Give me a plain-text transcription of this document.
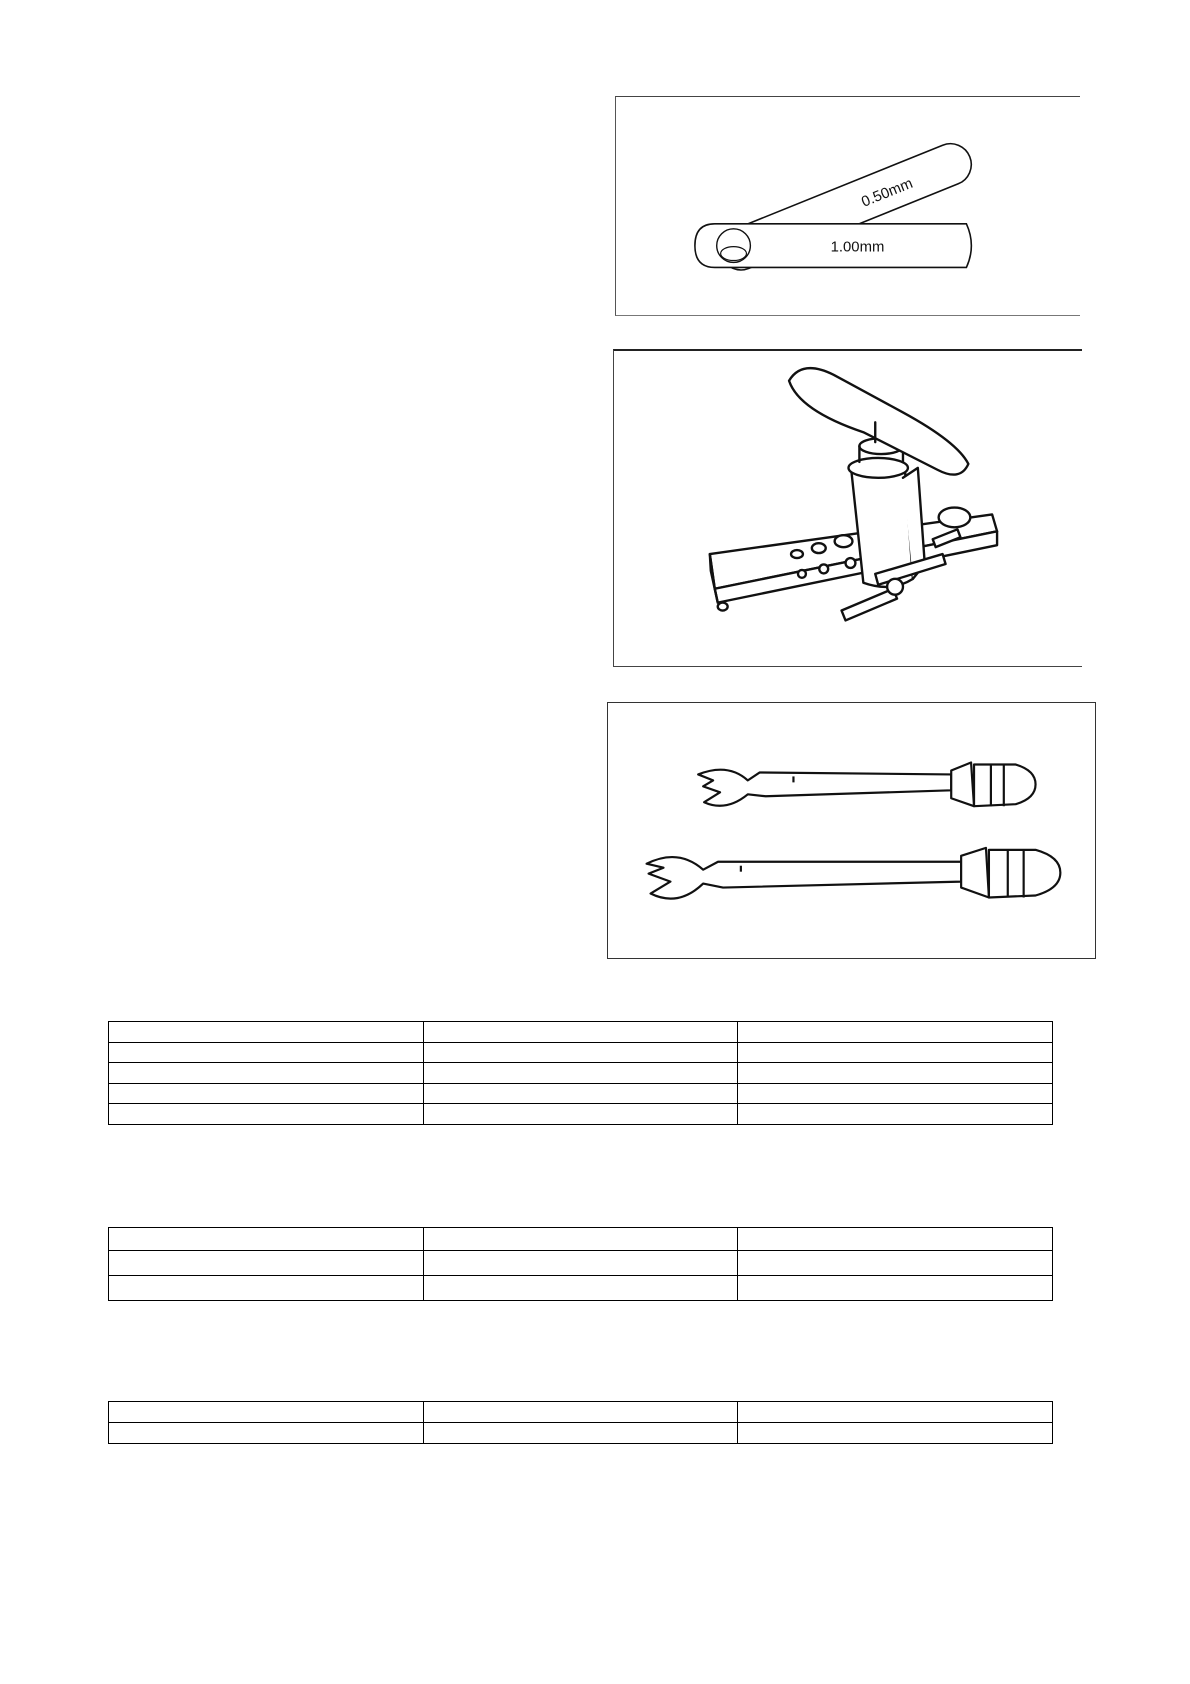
0.50mm
1.00mm
